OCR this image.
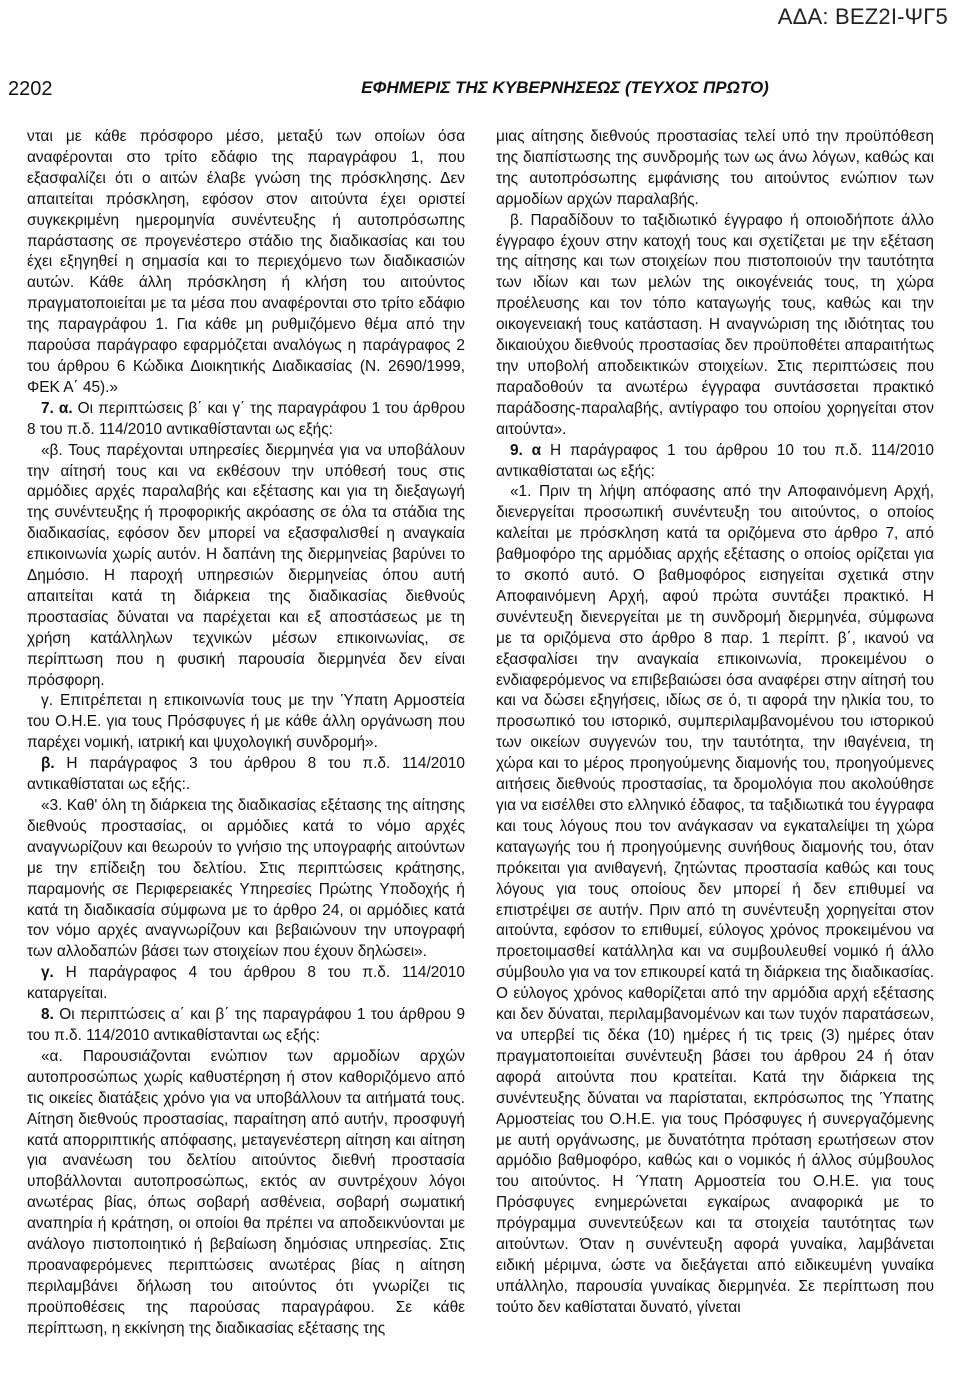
ΑΔΑ: ΒΕΖ2Ι-ΨΓ5
2202	ΕΦΗΜΕΡΙΣ ΤΗΣ ΚΥΒΕΡΝΗΣΕΩΣ (ΤΕΥΧΟΣ ΠΡΩΤΟ)

νται με κάθε πρόσφορο μέσο, μεταξύ των οποίων όσα αναφέρονται στο τρίτο εδάφιο της παραγράφου 1, που εξασφαλίζει ότι ο αιτών έλαβε γνώση της πρόσκλησης. Δεν απαιτείται πρόσκληση, εφόσον στον αιτούντα έχει οριστεί συγκεκριμένη ημερομηνία συνέντευξης ή αυτοπρόσωπης παράστασης σε προγενέστερο στάδιο της διαδικασίας και του έχει εξηγηθεί η σημασία και το περιεχόμενο των διαδικασιών αυτών. Κάθε άλλη πρόσκληση ή κλήση του αιτούντος πραγματοποιείται με τα μέσα που αναφέρονται στο τρίτο εδάφιο της παραγράφου 1. Για κάθε μη ρυθμιζόμενο θέμα από την παρούσα παράγραφο εφαρμόζεται αναλόγως η παράγραφος 2 του άρθρου 6 Κώδικα Διοικητικής Διαδικασίας (Ν. 2690/1999, ΦΕΚ Α΄ 45).»

7. α. Οι περιπτώσεις β΄ και γ΄ της παραγράφου 1 του άρθρου 8 του π.δ. 114/2010 αντικαθίστανται ως εξής:

«β. Τους παρέχονται υπηρεσίες διερμηνέα για να υποβάλουν την αίτησή τους και να εκθέσουν την υπόθεσή τους στις αρμόδιες αρχές παραλαβής και εξέτασης και για τη διεξαγωγή της συνέντευξης ή προφορικής ακρόασης σε όλα τα στάδια της διαδικασίας, εφόσον δεν μπορεί να εξασφαλισθεί η αναγκαία επικοινωνία χωρίς αυτόν. Η δαπάνη της διερμηνείας βαρύνει το Δημόσιο. Η παροχή υπηρεσιών διερμηνείας όπου αυτή απαιτείται κατά τη διάρκεια της διαδικασίας διεθνούς προστασίας δύναται να παρέχεται και εξ αποστάσεως με τη χρήση κατάλληλων τεχνικών μέσων επικοινωνίας, σε περίπτωση που η φυσική παρουσία διερμηνέα δεν είναι πρόσφορη.

γ. Επιτρέπεται η επικοινωνία τους με την Ύπατη Αρμοστεία του Ο.Η.Ε. για τους Πρόσφυγες ή με κάθε άλλη οργάνωση που παρέχει νομική, ιατρική και ψυχολογική συνδρομή».

β. Η παράγραφος 3 του άρθρου 8 του π.δ. 114/2010 αντικαθίσταται ως εξής:.

«3. Καθ' όλη τη διάρκεια της διαδικασίας εξέτασης της αίτησης διεθνούς προστασίας, οι αρμόδιες κατά το νόμο αρχές αναγνωρίζουν και θεωρούν το γνήσιο της υπογραφής αιτούντων με την επίδειξη του δελτίου. Στις περιπτώσεις κράτησης, παραμονής σε Περιφερειακές Υπηρεσίες Πρώτης Υποδοχής ή κατά τη διαδικασία σύμφωνα με το άρθρο 24, οι αρμόδιες κατά τον νόμο αρχές αναγνωρίζουν και βεβαιώνουν την υπογραφή των αλλοδαπών βάσει των στοιχείων που έχουν δηλώσει».

γ. Η παράγραφος 4 του άρθρου 8 του π.δ. 114/2010 καταργείται.

8. Οι περιπτώσεις α΄ και β΄ της παραγράφου 1 του άρθρου 9 του π.δ. 114/2010 αντικαθίστανται ως εξής:

«α. Παρουσιάζονται ενώπιον των αρμοδίων αρχών αυτοπροσώπως χωρίς καθυστέρηση ή στον καθοριζόμενο από τις οικείες διατάξεις χρόνο για να υποβάλλουν τα αιτήματά τους. Αίτηση διεθνούς προστασίας, παραίτηση από αυτήν, προσφυγή κατά απορριπτικής απόφασης, μεταγενέστερη αίτηση και αίτηση για ανανέωση του δελτίου αιτούντος διεθνή προστασία υποβάλλονται αυτοπροσώπως, εκτός αν συντρέχουν λόγοι ανωτέρας βίας, όπως σοβαρή ασθένεια, σοβαρή σωματική αναπηρία ή κράτηση, οι οποίοι θα πρέπει να αποδεικνύονται με ανάλογο πιστοποιητικό ή βεβαίωση δημόσιας υπηρεσίας. Στις προαναφερόμενες περιπτώσεις ανωτέρας βίας η αίτηση περιλαμβάνει δήλωση του αιτούντος ότι γνωρίζει τις προϋποθέσεις της παρούσας παραγράφου. Σε κάθε περίπτωση, η εκκίνηση της διαδικασίας εξέτασης της

μιας αίτησης διεθνούς προστασίας τελεί υπό την προϋπόθεση της διαπίστωσης της συνδρομής των ως άνω λόγων, καθώς και της αυτοπρόσωπης εμφάνισης του αιτούντος ενώπιον των αρμοδίων αρχών παραλαβής.

β. Παραδίδουν το ταξιδιωτικό έγγραφο ή οποιοδήποτε άλλο έγγραφο έχουν στην κατοχή τους και σχετίζεται με την εξέταση της αίτησης και των στοιχείων που πιστοποιούν την ταυτότητα των ιδίων και των μελών της οικογένειάς τους, τη χώρα προέλευσης και τον τόπο καταγωγής τους, καθώς και την οικογενειακή τους κατάσταση. Η αναγνώριση της ιδιότητας του δικαιούχου διεθνούς προστασίας δεν προϋποθέτει απαραιτήτως την υποβολή αποδεικτικών στοιχείων. Στις περιπτώσεις που παραδοθούν τα ανωτέρω έγγραφα συντάσσεται πρακτικό παράδοσης-παραλαβής, αντίγραφο του οποίου χορηγείται στον αιτούντα».

9. α Η παράγραφος 1 του άρθρου 10 του π.δ. 114/2010 αντικαθίσταται ως εξής:

«1. Πριν τη λήψη απόφασης από την Αποφαινόμενη Αρχή, διενεργείται προσωπική συνέντευξη του αιτούντος, ο οποίος καλείται με πρόσκληση κατά τα οριζόμενα στο άρθρο 7, από βαθμοφόρο της αρμόδιας αρχής εξέτασης ο οποίος ορίζεται για το σκοπό αυτό. Ο βαθμοφόρος εισηγείται σχετικά στην Αποφαινόμενη Αρχή, αφού πρώτα συντάξει πρακτικό. Η συνέντευξη διενεργείται με τη συνδρομή διερμηνέα, σύμφωνα με τα οριζόμενα στο άρθρο 8 παρ. 1 περίπτ. β΄, ικανού να εξασφαλίσει την αναγκαία επικοινωνία, προκειμένου ο ενδιαφερόμενος να επιβεβαιώσει όσα αναφέρει στην αίτησή του και να δώσει εξηγήσεις, ιδίως σε ό, τι αφορά την ηλικία του, το προσωπικό του ιστορικό, συμπεριλαμβανομένου του ιστορικού των οικείων συγγενών του, την ταυτότητα, την ιθαγένεια, τη χώρα και το μέρος προηγούμενης διαμονής του, προηγούμενες αιτήσεις διεθνούς προστασίας, τα δρομολόγια που ακολούθησε για να εισέλθει στο ελληνικό έδαφος, τα ταξιδιωτικά του έγγραφα και τους λόγους που τον ανάγκασαν να εγκαταλείψει τη χώρα καταγωγής του ή προηγούμενης συνήθους διαμονής του, όταν πρόκειται για ανιθαγενή, ζητώντας προστασία καθώς και τους λόγους για τους οποίους δεν μπορεί ή δεν επιθυμεί να επιστρέψει σε αυτήν. Πριν από τη συνέντευξη χορηγείται στον αιτούντα, εφόσον το επιθυμεί, εύλογος χρόνος προκειμένου να προετοιμασθεί κατάλληλα και να συμβουλευθεί νομικό ή άλλο σύμβουλο για να τον επικουρεί κατά τη διάρκεια της διαδικασίας. Ο εύλογος χρόνος καθορίζεται από την αρμόδια αρχή εξέτασης και δεν δύναται, περιλαμβανομένων και των τυχόν παρατάσεων, να υπερβεί τις δέκα (10) ημέρες ή τις τρεις (3) ημέρες όταν πραγματοποιείται συνέντευξη βάσει του άρθρου 24 ή όταν αφορά αιτούντα που κρατείται. Κατά την διάρκεια της συνέντευξης δύναται να παρίσταται, εκπρόσωπος της Ύπατης Αρμοστείας του Ο.Η.Ε. για τους Πρόσφυγες ή συνεργαζόμενης με αυτή οργάνωσης, με δυνατότητα πρόταση ερωτήσεων στον αρμόδιο βαθμοφόρο, καθώς και ο νομικός ή άλλος σύμβουλος του αιτούντος. Η Ύπατη Αρμοστεία του Ο.Η.Ε. για τους Πρόσφυγες ενημερώνεται εγκαίρως αναφορικά με το πρόγραμμα συνεντεύξεων και τα στοιχεία ταυτότητας των αιτούντων. Όταν η συνέντευξη αφορά γυναίκα, λαμβάνεται ειδική μέριμνα, ώστε να διεξάγεται από ειδικευμένη γυναίκα υπάλληλο, παρουσία γυναίκας διερμηνέα. Σε περίπτωση που τούτο δεν καθίσταται δυνατό, γίνεται
